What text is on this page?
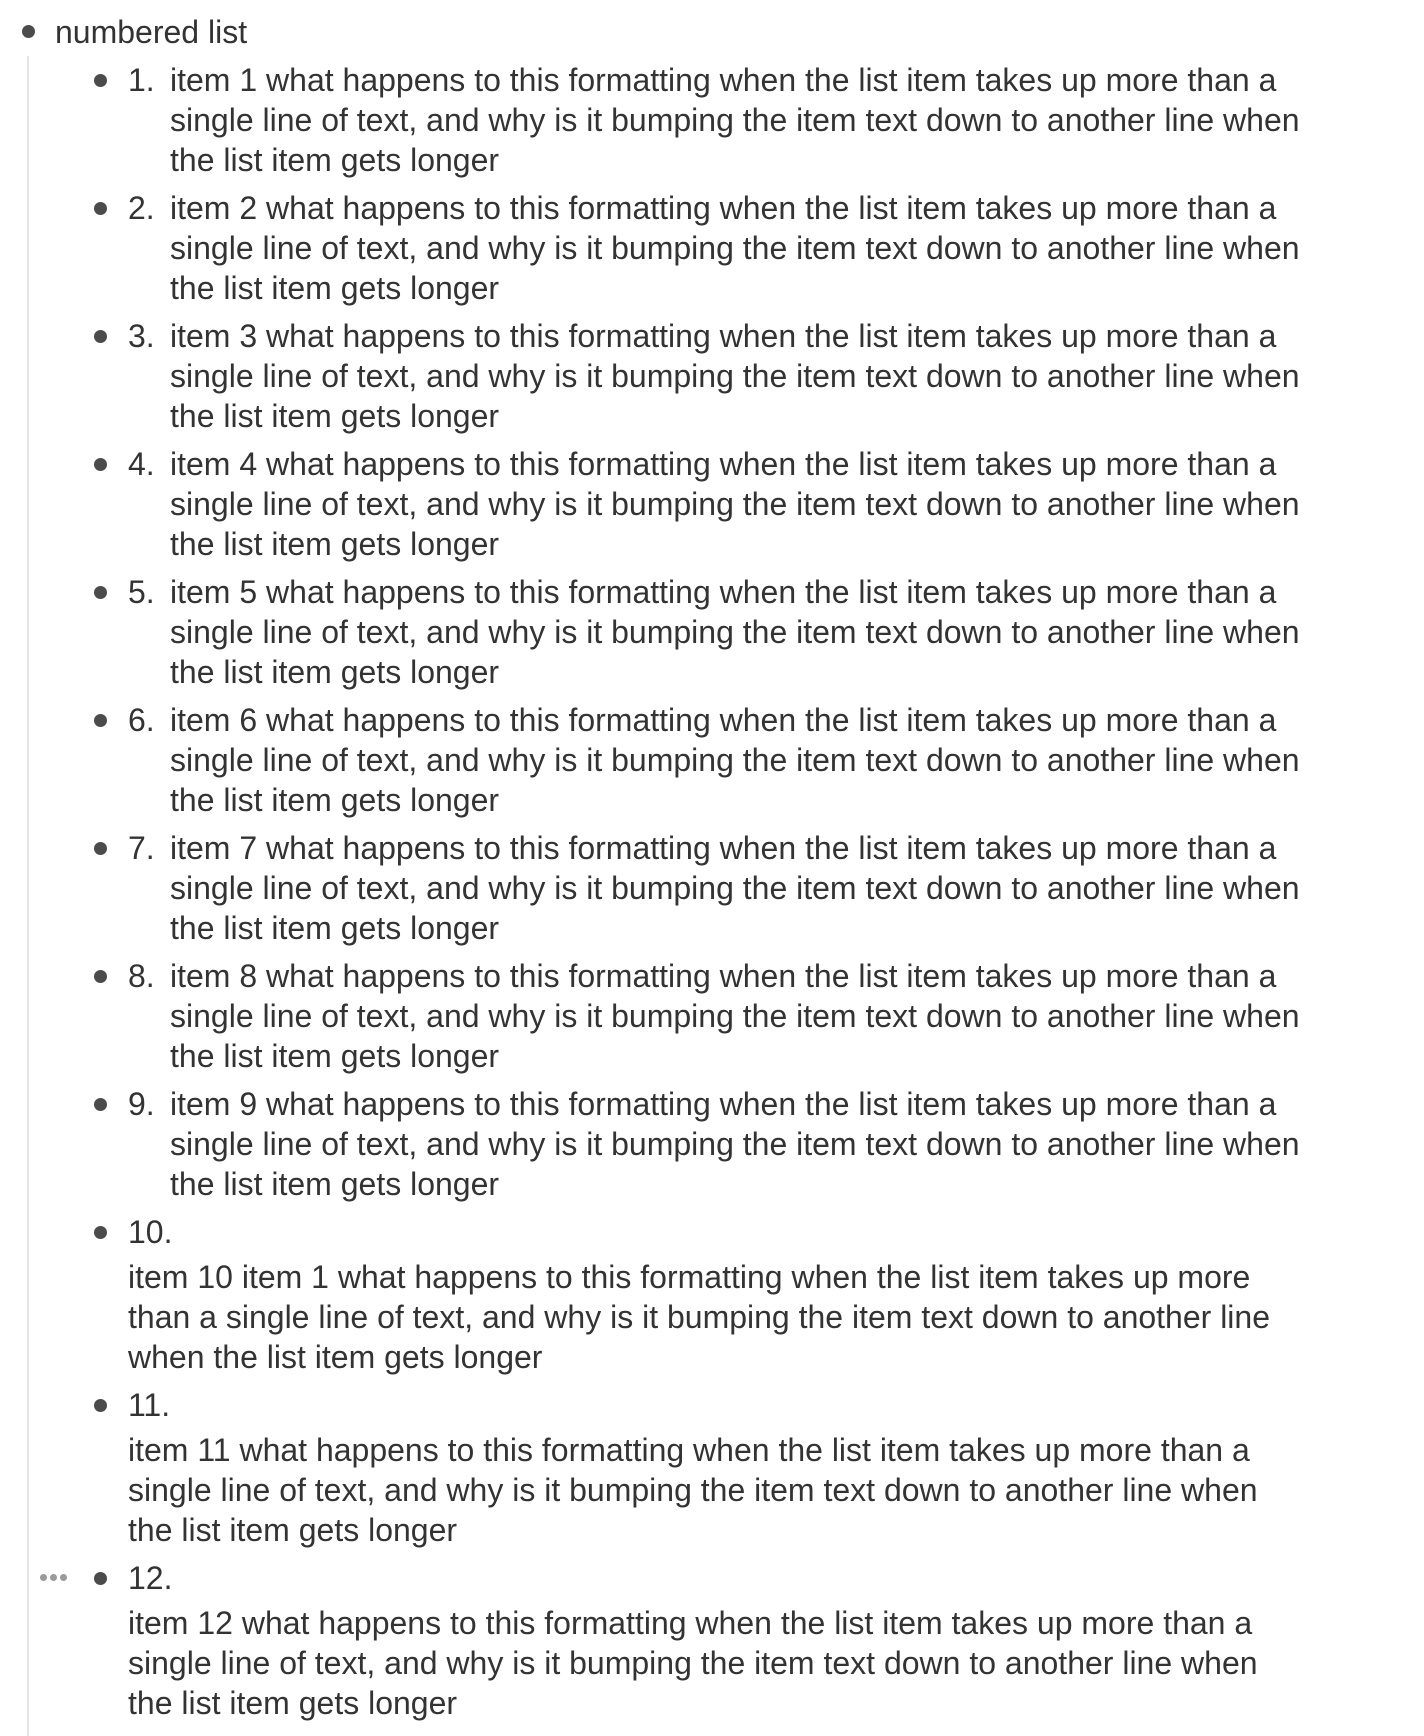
numbered list
1. item 1 what happens to this formatting when the list item takes up more than a single line of text, and why is it bumping the item text down to another line when the list item gets longer
2. item 2 what happens to this formatting when the list item takes up more than a single line of text, and why is it bumping the item text down to another line when the list item gets longer
3. item 3 what happens to this formatting when the list item takes up more than a single line of text, and why is it bumping the item text down to another line when the list item gets longer
4. item 4 what happens to this formatting when the list item takes up more than a single line of text, and why is it bumping the item text down to another line when the list item gets longer
5. item 5 what happens to this formatting when the list item takes up more than a single line of text, and why is it bumping the item text down to another line when the list item gets longer
6. item 6 what happens to this formatting when the list item takes up more than a single line of text, and why is it bumping the item text down to another line when the list item gets longer
7. item 7 what happens to this formatting when the list item takes up more than a single line of text, and why is it bumping the item text down to another line when the list item gets longer
8. item 8 what happens to this formatting when the list item takes up more than a single line of text, and why is it bumping the item text down to another line when the list item gets longer
9. item 9 what happens to this formatting when the list item takes up more than a single line of text, and why is it bumping the item text down to another line when the list item gets longer
10.
item 10 item 1 what happens to this formatting when the list item takes up more than a single line of text, and why is it bumping the item text down to another line when the list item gets longer
11.
item 11 what happens to this formatting when the list item takes up more than a single line of text, and why is it bumping the item text down to another line when the list item gets longer
12.
item 12 what happens to this formatting when the list item takes up more than a single line of text, and why is it bumping the item text down to another line when the list item gets longer
